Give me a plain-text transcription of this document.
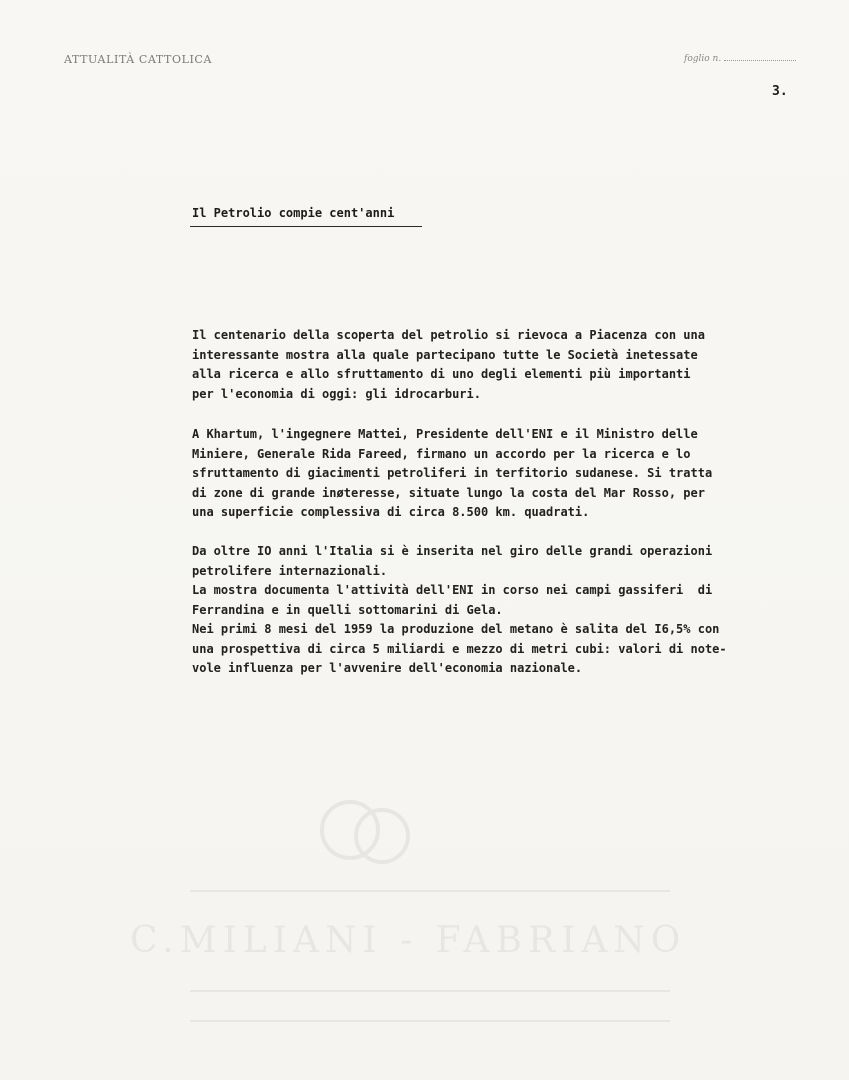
ATTUALITÀ CATTOLICA	foglio n.
3.
Il Petrolio compie cent'anni
Il centenario della scoperta del petrolio si rievoca a Piacenza con una
interessante mostra alla quale partecipano tutte le Società inetessate
alla ricerca e allo sfruttamento di uno degli elementi più importanti
per l'economia di oggi: gli idrocarburi.
A Khartum, l'ingegnere Mattei, Presidente dell'ENI e il Ministro delle
Miniere, Generale Rida Fareed, firmano un accordo per la ricerca e lo
sfruttamento di giacimenti petroliferi in terfitorio sudanese. Si tratta
di zone di grande inøteresse, situate lungo la costa del Mar Rosso, per
una superficie complessiva di circa 8.500 km. quadrati.
Da oltre IO anni l'Italia si è inserita nel giro delle grandi operazioni
petrolifere internazionali.
La mostra documenta l'attività dell'ENI in corso nei campi gassiferi  di
Ferrandina e in quelli sottomarini di Gela.
Nei primi 8 mesi del 1959 la produzione del metano è salita del I6,5% con
una prospettiva di circa 5 miliardi e mezzo di metri cubi: valori di note-
vole influenza per l'avvenire dell'economia nazionale.
C.MILIANI - FABRIANO
